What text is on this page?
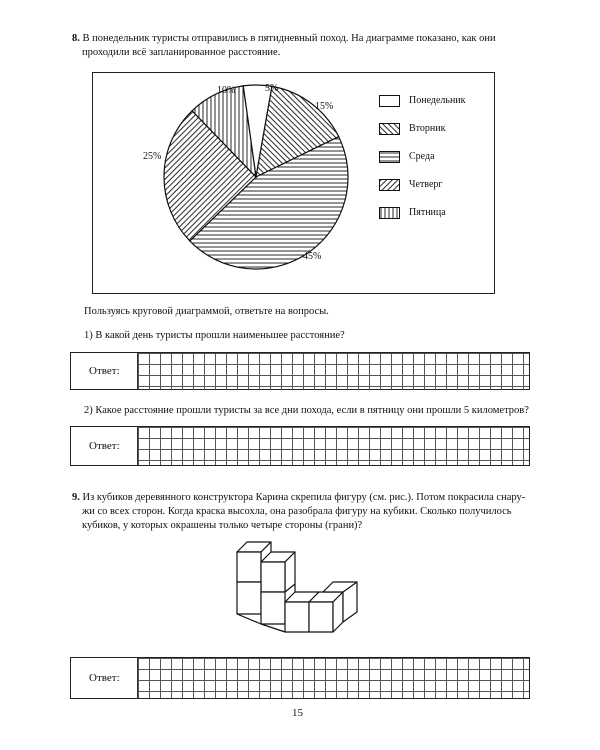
8. В понедельник туристы отправились в пятидневный поход. На диаграмме показано, как они
проходили всё запланированное расстояние.
Понедельник
Вторник
Среда
Четверг
Пятница
5%
15%
45%
25%
10%
Пользуясь круговой диаграммой, ответьте на вопросы.
1) В какой день туристы прошли наименьшее расстояние?
Ответ:
2) Какое расстояние прошли туристы за все дни похода, если в пятницу они прошли 5 километров?
Ответ:
9. Из кубиков деревянного конструктора Карина скрепила фигуру (см. рис.). Потом покрасила снару-
жи со всех сторон. Когда краска высохла, она разобрала фигуру на кубики. Сколько получилось
кубиков, у которых окрашены только четыре стороны (грани)?
Ответ:
15
